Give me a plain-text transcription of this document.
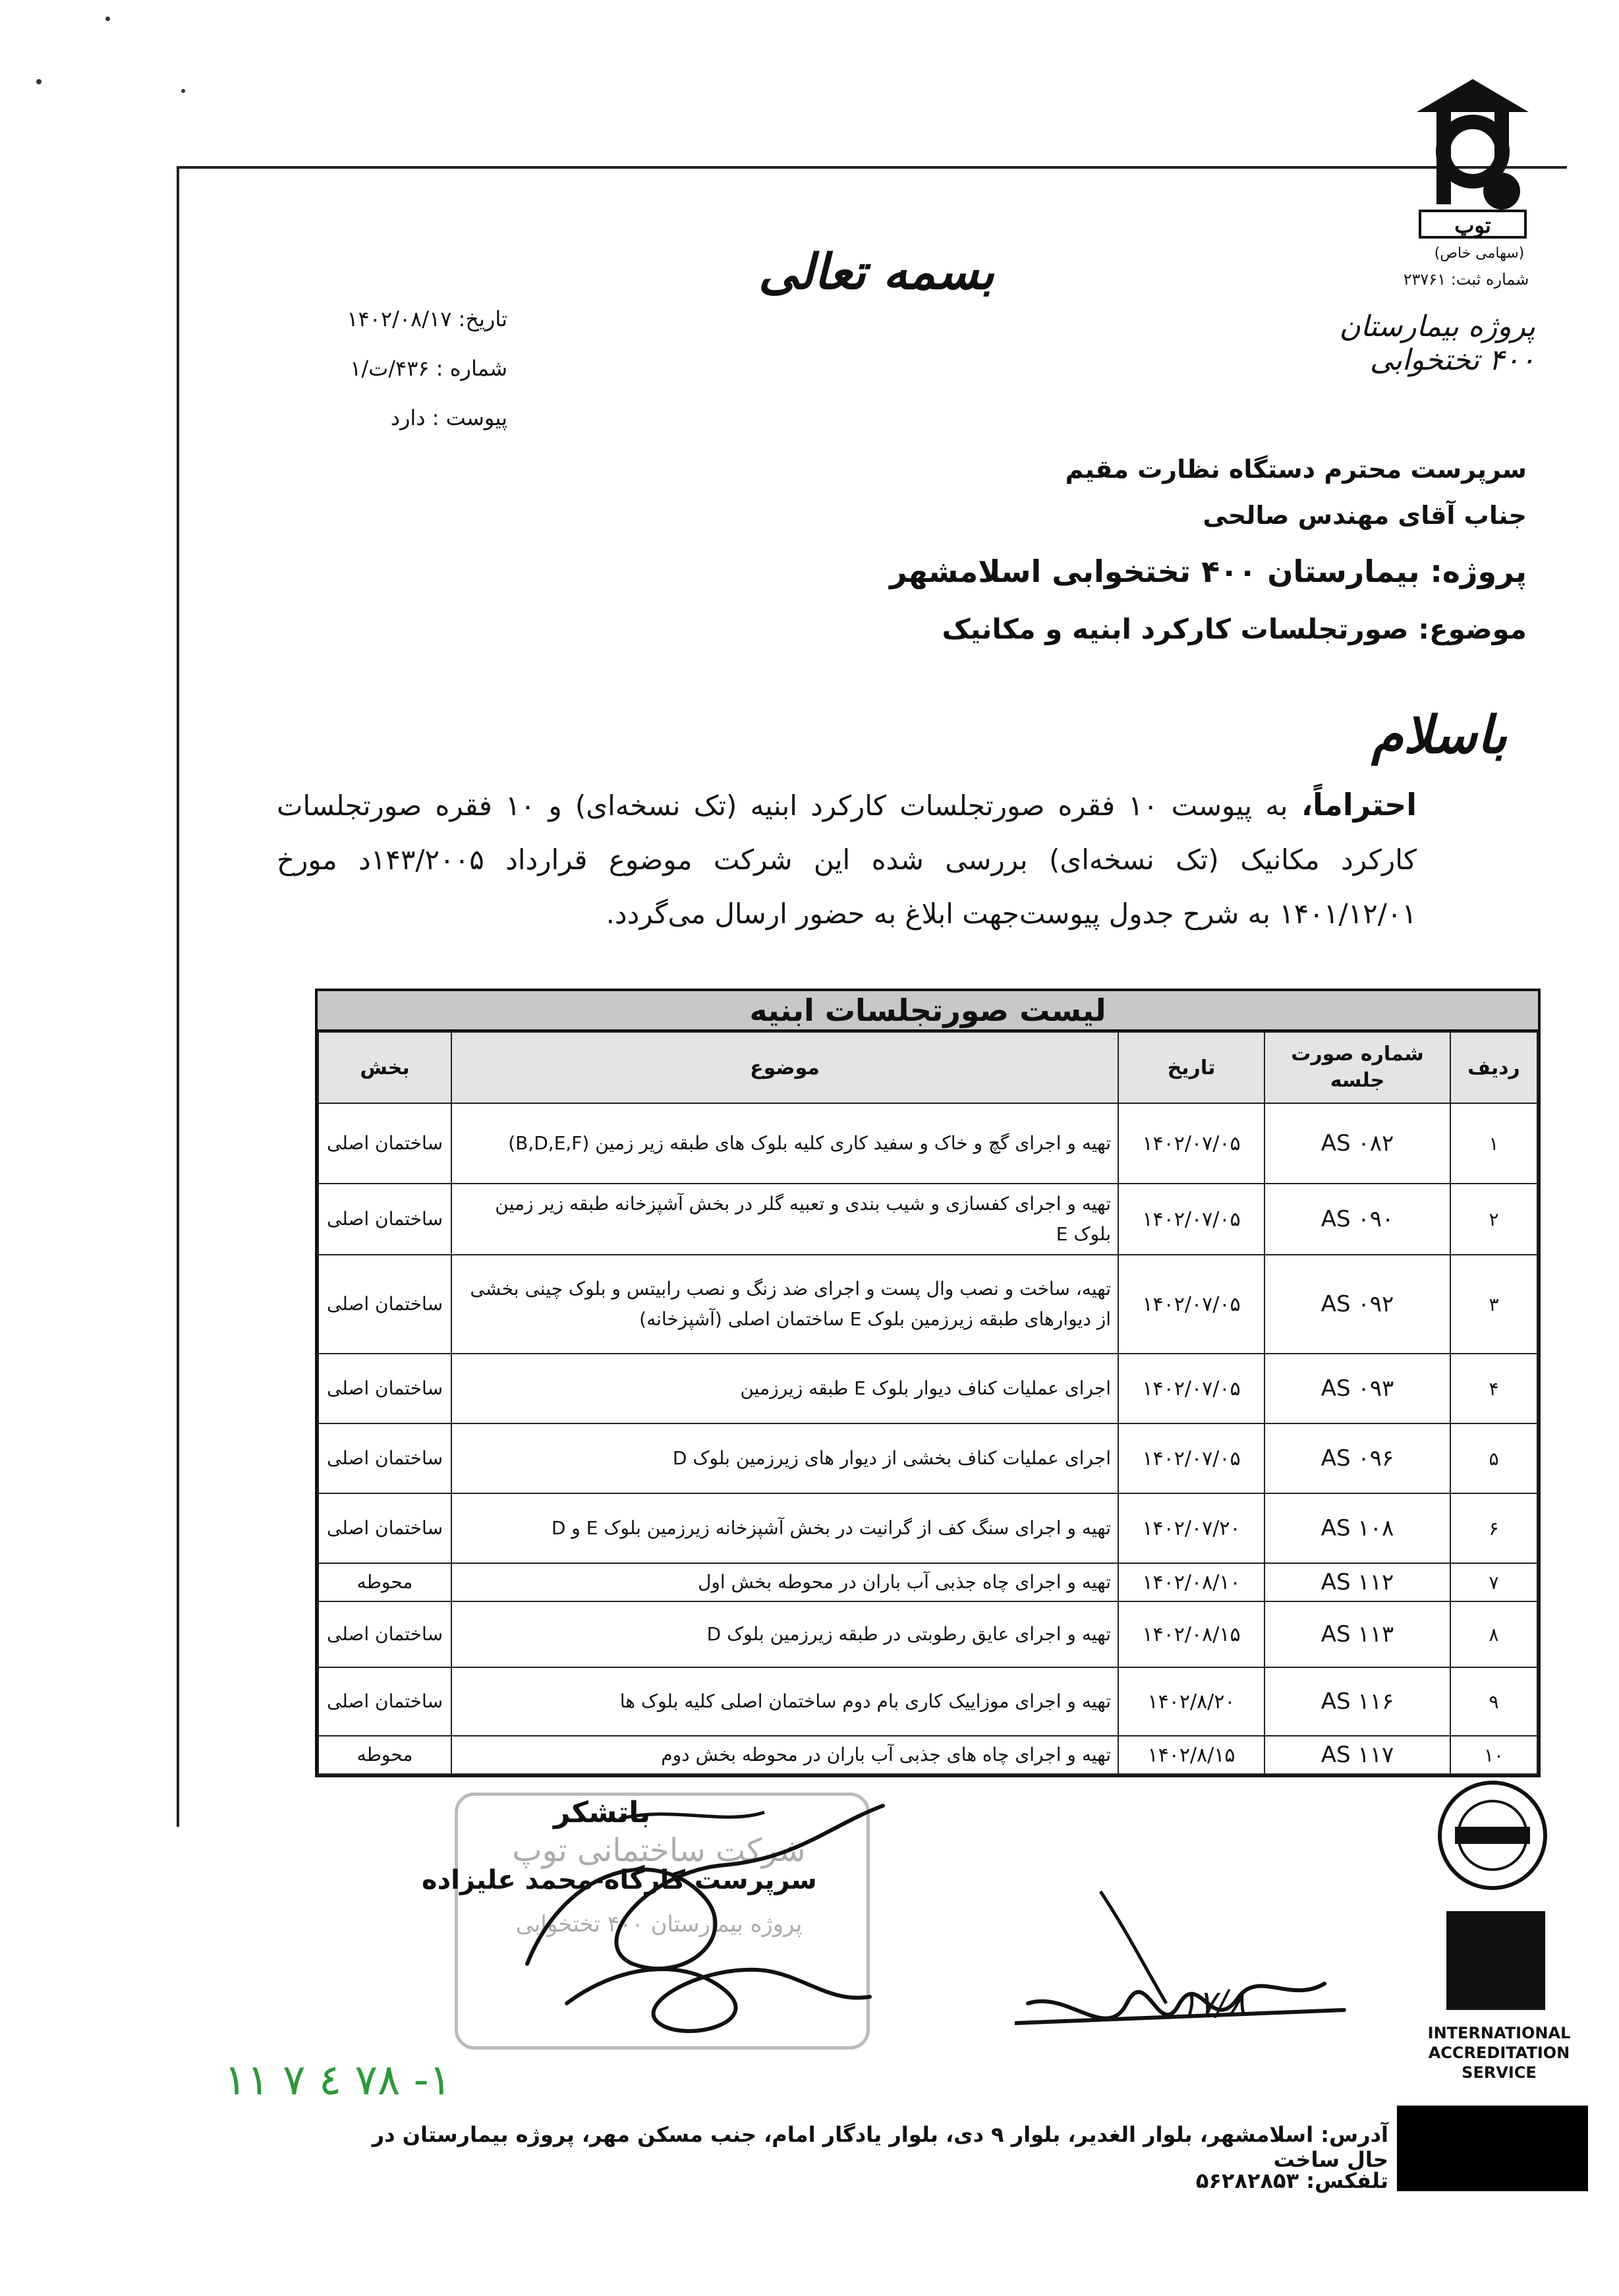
توپ
(سهامی خاص)
شماره ثبت: ۲۳۷۶۱
پروژه بیمارستان ۴۰۰ تختخوابی
بسمه تعالی
تاریخ: ۱۴۰۲/۰۸/۱۷
شماره : ۴۳۶/ت/۱
پیوست : دارد
سرپرست محترم دستگاه نظارت مقیم
جناب آقای مهندس صالحی
پروژه: بیمارستان ۴۰۰ تختخوابی اسلامشهر
موضوع: صورتجلسات کارکرد ابنیه و مکانیک
باسلام
احتراماً، به پیوست ۱۰ فقره صورتجلسات کارکرد ابنیه (تک نسخه‌ای) و ۱۰ فقره صورتجلسات کارکرد مکانیک (تک نسخه‌ای) بررسی شده این شرکت موضوع قرارداد ۱۴۳/۲۰۰۵د مورخ ۱۴۰۱/۱۲/۰۱ به شرح جدول پیوست‌جهت ابلاغ به حضور ارسال می‌گردد.
لیست صورتجلسات ابنیه
ردیف	شماره صورت جلسه	تاریخ	موضوع	بخش
۱	AS ۰۸۲	۱۴۰۲/۰۷/۰۵	تهیه و اجرای گچ و خاک و سفید کاری کلیه بلوک های طبقه زیر زمین (B,D,E,F)	ساختمان اصلی
۲	AS ۰۹۰	۱۴۰۲/۰۷/۰۵	تهیه و اجرای کفسازی و شیب بندی و تعبیه گلر در بخش آشپزخانه طبقه زیر زمین بلوک E	ساختمان اصلی
۳	AS ۰۹۲	۱۴۰۲/۰۷/۰۵	تهیه، ساخت و نصب وال پست و اجرای ضد زنگ و نصب رابیتس و بلوک چینی بخشی از دیوارهای طبقه زیرزمین بلوک E ساختمان اصلی (آشپزخانه)	ساختمان اصلی
۴	AS ۰۹۳	۱۴۰۲/۰۷/۰۵	اجرای عملیات کناف دیوار بلوک E طبقه زیرزمین	ساختمان اصلی
۵	AS ۰۹۶	۱۴۰۲/۰۷/۰۵	اجرای عملیات کناف بخشی از دیوار های زیرزمین بلوک D	ساختمان اصلی
۶	AS ۱۰۸	۱۴۰۲/۰۷/۲۰	تهیه و اجرای سنگ کف از گرانیت در بخش آشپزخانه زیرزمین بلوک E و D	ساختمان اصلی
۷	AS ۱۱۲	۱۴۰۲/۰۸/۱۰	تهیه و اجرای چاه جذبی آب باران در محوطه بخش اول	محوطه
۸	AS ۱۱۳	۱۴۰۲/۰۸/۱۵	تهیه و اجرای عایق رطوبتی در طبقه زیرزمین بلوک D	ساختمان اصلی
۹	AS ۱۱۶	۱۴۰۲/۸/۲۰	تهیه و اجرای موزاییک کاری بام دوم ساختمان اصلی کلیه بلوک ها	ساختمان اصلی
۱۰	AS ۱۱۷	۱۴۰۲/۸/۱۵	تهیه و اجرای چاه های جذبی آب باران در محوطه بخش دوم	محوطه
شرکت ساختمانی توپ
پروژه بیمارستان ۴۰۰ تختخوابی
باتشکر
سرپرست کارگاه-محمد علیزاده
۱۷/۸
INTERNATIONAL ACCREDITATION SERVICE
۱۱ ۷ ٤ ۷۸ -۱
آدرس: اسلامشهر، بلوار الغدیر، بلوار ۹ دی، بلوار یادگار امام، جنب مسکن مهر، پروژه بیمارستان در حال ساخت
تلفکس: ۵۶۲۸۲۸۵۳
